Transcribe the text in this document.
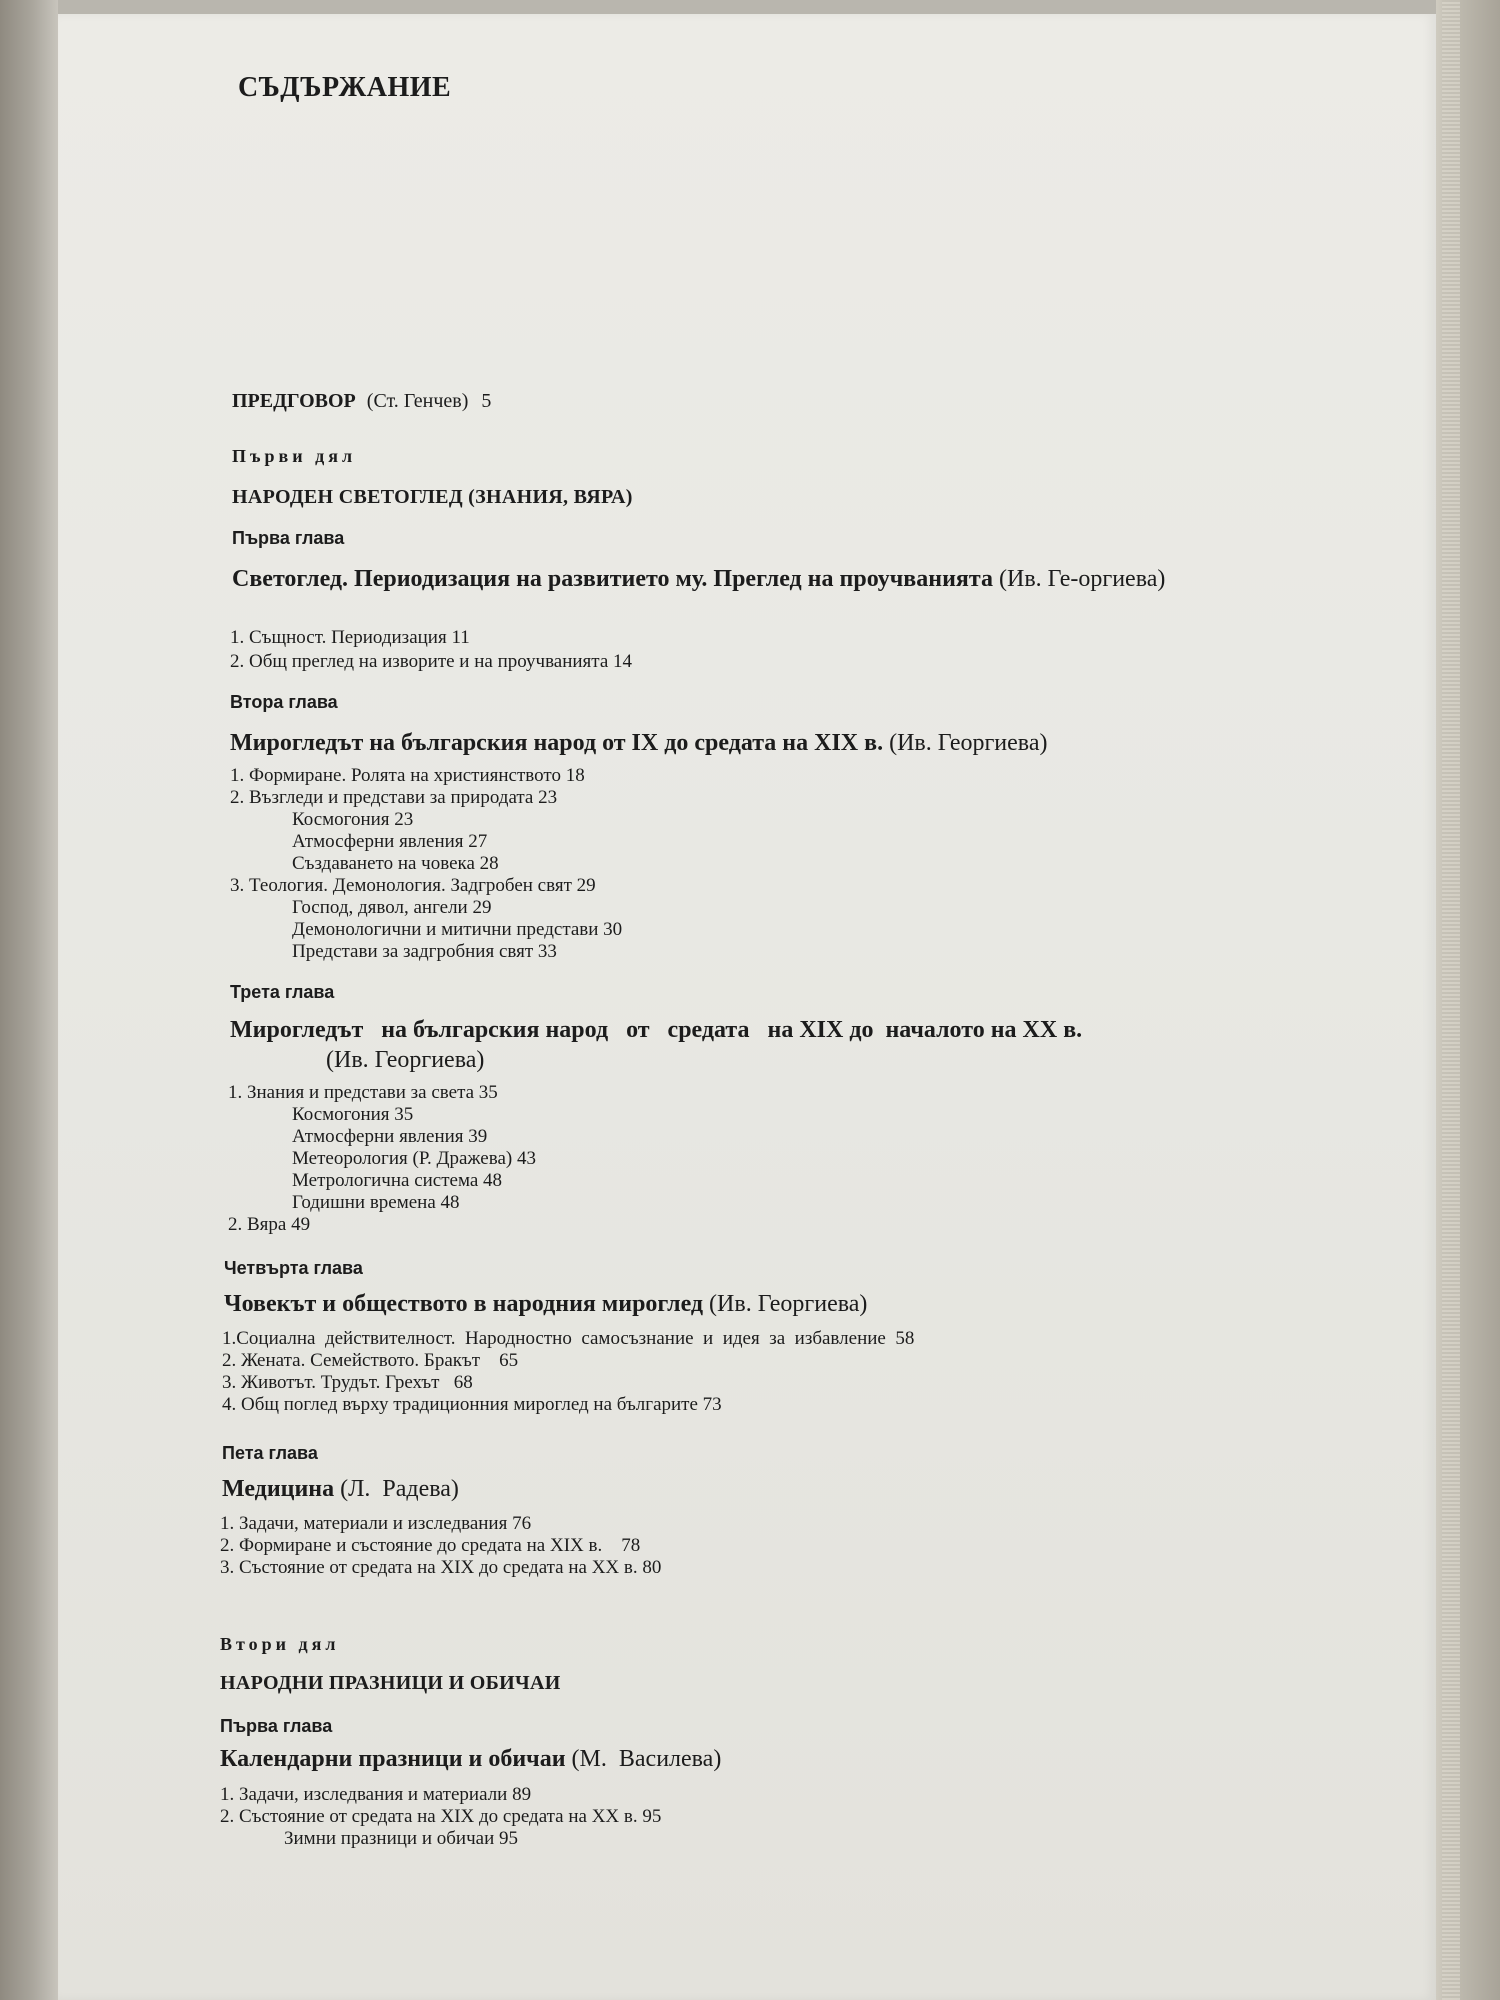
СЪДЪРЖАНИЕ
ПРЕДГОВОР (Ст. Генчев) 5
Първи дял
НАРОДЕН СВЕТОГЛЕД (ЗНАНИЯ, ВЯРА)
Първа глава
Светоглед. Периодизация на развитието му. Преглед на проучванията (Ив. Ге-оргиева)
1. Същност. Периодизация 11
2. Общ преглед на изворите и на проучванията 14
Втора глава
Мирогледът на българския народ от IX до средата на XIX в. (Ив. Георгиева)
1. Формиране. Ролята на християнството 18
2. Възгледи и представи за природата 23
Космогония 23
Атмосферни явления 27
Създаването на човека 28
3. Теология. Демонология. Задгробен свят 29
Господ, дявол, ангели 29
Демонологични и митични представи 30
Представи за задгробния свят 33
Трета глава
Мирогледът   на българския народ   от   средата   на XIX до  началото на XX в.
(Ив. Георгиева)
1. Знания и представи за света 35
Космогония 35
Атмосферни явления 39
Метеорология (Р. Дражева) 43
Метрологична система 48
Годишни времена 48
2. Вяра 49
Четвърта глава
Човекът и обществото в народния мироглед (Ив. Георгиева)
1.Социална  действителност.  Народностно  самосъзнание  и  идея  за  избавление  58
2. Жената. Семейството. Бракът    65
3. Животът. Трудът. Грехът   68
4. Общ поглед върху традиционния мироглед на българите 73
Пета глава
Медицина (Л.  Радева)
1. Задачи, материали и изследвания 76
2. Формиране и състояние до средата на XIX в.    78
3. Състояние от средата на XIX до средата на XX в. 80
Втори дял
НАРОДНИ ПРАЗНИЦИ И ОБИЧАИ
Първа глава
Календарни празници и обичаи (М.  Василева)
1. Задачи, изследвания и материали 89
2. Състояние от средата на XIX до средата на XX в. 95
Зимни празници и обичаи 95
